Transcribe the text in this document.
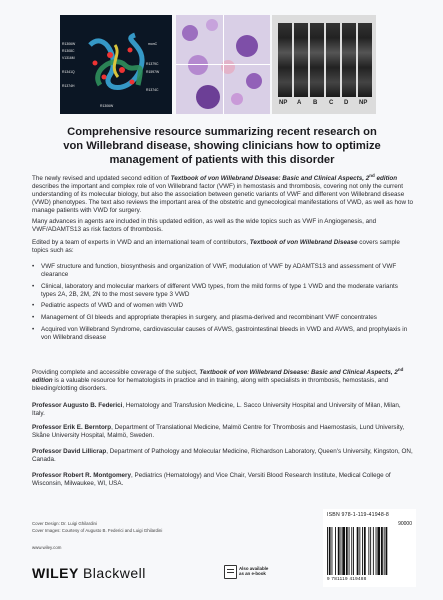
R1306W
R1308C
V1316M
R1341Q
R1374H
R1379C
R1597W
R1374C
monC
R1306W	NP A B C D NP
Comprehensive resource summarizing recent research on von Willebrand disease, showing clinicians how to optimize management of patients with this disorder

The newly revised and updated second edition of Textbook of von Willebrand Disease: Basic and Clinical Aspects, 2nd edition describes the important and complex role of von Willebrand factor (VWF) in hemostasis and thrombosis, covering not only the current understanding of its molecular biology, but also the association between genetic variants of VWF and different von Willebrand disease (VWD) phenotypes. The text also reviews the important area of the obstetric and gynecological manifestations of VWD, as well as how to manage patients with VWD for surgery.

Many advances in agents are included in this updated edition, as well as the wide topics such as VWF in Angiogenesis, and VWF/ADAMTS13 as risk factors of thrombosis.

Edited by a team of experts in VWD and an international team of contributors, Textbook of von Willebrand Disease covers sample topics such as:

• VWF structure and function, biosynthesis and organization of VWF, modulation of VWF by ADAMTS13 and assessment of VWF clearance
• Clinical, laboratory and molecular markers of different VWD types, from the mild forms of type 1 VWD and the moderate variants types 2A, 2B, 2M, 2N to the most severe type 3 VWD
• Pediatric aspects of VWD and of women with VWD
• Management of GI bleeds and appropriate therapies in surgery, and plasma-derived and recombinant VWF concentrates
• Acquired von Willebrand Syndrome, cardiovascular causes of AVWS, gastrointestinal bleeds in VWD and AVWS, and prophylaxis in von Willebrand disease

Providing complete and accessible coverage of the subject, Textbook of von Willebrand Disease: Basic and Clinical Aspects, 2nd edition is a valuable resource for hematologists in practice and in training, along with specialists in thrombosis, hemostasis, and bleeding/clotting disorders.

Professor Augusto B. Federici, Hematology and Transfusion Medicine, L. Sacco University Hospital and University of Milan, Milan, Italy.

Professor Erik E. Berntorp, Department of Translational Medicine, Malmö Centre for Thrombosis and Haemostasis, Lund University, Skåne University Hospital, Malmö, Sweden.

Professor David Lillicrap, Department of Pathology and Molecular Medicine, Richardson Laboratory, Queen's University, Kingston, ON, Canada.

Professor Robert R. Montgomery, Pediatrics (Hematology) and Vice Chair, Versiti Blood Research Institute, Medical College of Wisconsin, Milwaukee, WI, USA.

Cover Design: Dr. Luigi Ghilardini

Cover Images: Courtesy of Augusto B. Federici and Luigi Ghilardini

www.wiley.com

WILEY Blackwell	Also available
as an e-book
ISBN 978-1-119-41948-8
90000
9 781119 419488
